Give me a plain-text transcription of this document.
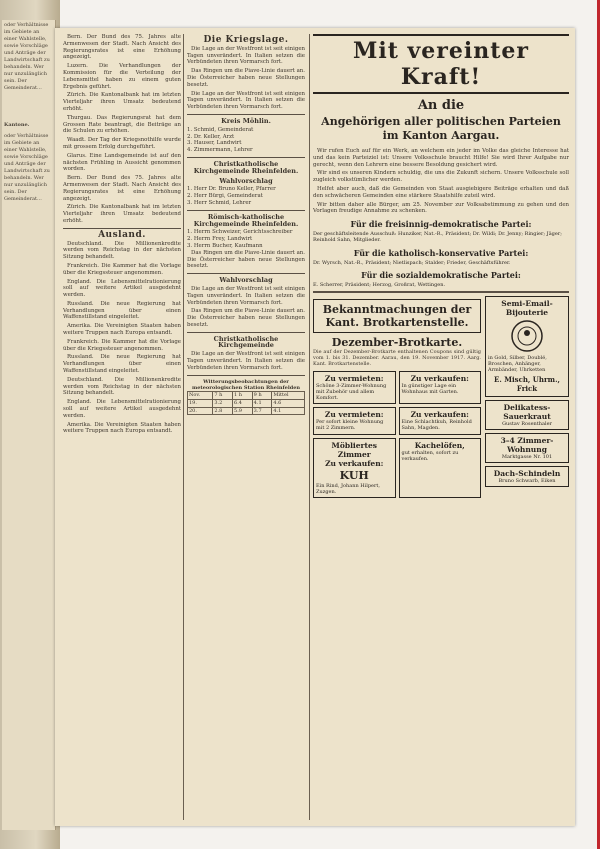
oder Verhältnisse im Gebiete an einer Wahlstelle, sowie Vorschläge und Anträge der Landwirtschaft zu behandeln. Wer nur unzulänglich sein. Der Gemeinderat...
Kantone.
oder Verhältnisse im Gebiete an einer Wahlstelle, sowie Vorschläge und Anträge der Landwirtschaft zu behandeln. Wer nur unzulänglich sein. Der Gemeinderat...

Bern. Der Bund des 75. Jahres alte Armenwesen der Stadt. Nach Ansicht des Regierungsrates ist eine Erhöhung angezeigt.

Luzern. Die Verhandlungen der Kommission für die Verteilung der Lebensmittel haben zu einem guten Ergebnis geführt.

Zürich. Die Kantonalbank hat im letzten Vierteljahr ihren Umsatz bedeutend erhöht.

Thurgau. Das Regierungsrat hat dem Grossen Rate beantragt, die Beiträge an die Schulen zu erhöhen.

Waadt. Der Tag der Kriegsnothilfe wurde mit grossem Erfolg durchgeführt.

Glarus. Eine Landsgemeinde ist auf den nächsten Frühling in Aussicht genommen worden.

Bern. Der Bund des 75. Jahres alte Armenwesen der Stadt. Nach Ansicht des Regierungsrates ist eine Erhöhung angezeigt.

Zürich. Die Kantonalbank hat im letzten Vierteljahr ihren Umsatz bedeutend erhöht.

Ausland.

Deutschland. Die Millionenkredite werden vom Reichstag in der nächsten Sitzung behandelt.

Frankreich. Die Kammer hat die Vorlage über die Kriegssteuer angenommen.

England. Die Lebensmittelrationierung soll auf weitere Artikel ausgedehnt werden.

Russland. Die neue Regierung hat Verhandlungen über einen Waffenstillstand eingeleitet.

Amerika. Die Vereinigten Staaten haben weitere Truppen nach Europa entsandt.

Frankreich. Die Kammer hat die Vorlage über die Kriegssteuer angenommen.

Russland. Die neue Regierung hat Verhandlungen über einen Waffenstillstand eingeleitet.

Deutschland. Die Millionenkredite werden vom Reichstag in der nächsten Sitzung behandelt.

England. Die Lebensmittelrationierung soll auf weitere Artikel ausgedehnt werden.

Amerika. Die Vereinigten Staaten haben weitere Truppen nach Europa entsandt.

Die Kriegslage.

Die Lage an der Westfront ist seit einigen Tagen unverändert. In Italien setzen die Verbündeten ihren Vormarsch fort.

Das Ringen um die Piave-Linie dauert an. Die Österreicher haben neue Stellungen besetzt.

Die Lage an der Westfront ist seit einigen Tagen unverändert. In Italien setzen die Verbündeten ihren Vormarsch fort.

Kreis Möhlin.
1. Schmid, Gemeinderat
2. Dr. Keller, Arzt
3. Hauser, Landwirt
4. Zimmermann, Lehrer
Christkatholische Kirchgemeinde Rheinfelden.
Wahlvorschlag
1. Herr Dr. Bruno Keller, Pfarrer
2. Herr Bürgi, Gemeinderat
3. Herr Schmid, Lehrer
Römisch-katholische Kirchgemeinde Rheinfelden.
1. Herrn Schweizer, Gerichtsschreiber
2. Herrn Frey, Landwirt
3. Herrn Bucher, Kaufmann

Das Ringen um die Piave-Linie dauert an. Die Österreicher haben neue Stellungen besetzt.

Wahlvorschlag

Die Lage an der Westfront ist seit einigen Tagen unverändert. In Italien setzen die Verbündeten ihren Vormarsch fort.

Das Ringen um die Piave-Linie dauert an. Die Österreicher haben neue Stellungen besetzt.

Christkatholische Kirchgemeinde

Die Lage an der Westfront ist seit einigen Tagen unverändert. In Italien setzen die Verbündeten ihren Vormarsch fort.

Witterungsbeobachtungen der meteorologischen Station Rheinfelden
Nov.	7 h	1 h	9 h	Mittel
19.	3.2	6.4	4.1	4.6
20.	2.8	5.9	3.7	4.1
Mit vereinter Kraft!
An die
Angehörigen aller politischen Parteien im Kanton Aargau.

Wir rufen Euch auf für ein Werk, an welchem ein jeder im Volke das gleiche Interesse hat und das kein Parteiziel ist: Unsere Volksschule braucht Hilfe! Sie wird Ihrer Aufgabe nur gerecht, wenn den Lehrern eine bessere Besoldung gesichert wird.

Wir sind es unseren Kindern schuldig, die uns die Zukunft sichern. Unsere Volksschule soll zugleich volkstümlicher werden.

Helfet aber auch, daß die Gemeinden von Staat ausgiebigere Beiträge erhalten und daß den schwächeren Gemeinden eine stärkere Staatshilfe zuteil wird.

Wir bitten daher alle Bürger, am 25. November zur Volksabstimmung zu gehen und den Vorlagen freudige Annahme zu schenken.

Für die freisinnig-demokratische Partei:
Der geschäftsleitende Ausschuß: Hunziker, Nat.-R., Präsident; Dr. Wildi; Dr. Jenny; Ringier; Jäger; Reinhold Sahn, Mitglieder.
Für die katholisch-konservative Partei:
Dr. Wyrsch, Nat.-R., Präsident; Nietlispach; Stalder; Frieder, Geschäftsführer.
Für die sozialdemokratische Partei:
E. Scherrer, Präsident; Herzog, Großrat, Wettingen.
Bekanntmachungen der Kant. Brotkartenstelle.
Dezember-Brotkarte.
Die auf der Dezember-Brotkarte enthaltenen Coupons sind gültig vom 1. bis 31. Dezember. Aarau, den 19. November 1917. Aarg. Kant. Brotkartenstelle.
Zu vermieten:
Schöne 3-Zimmer-Wohnung mit Zubehör und allem Komfort.
Zu verkaufen:
In günstiger Lage ein Wohnhaus mit Garten.
Zu vermieten:
Per sofort kleine Wohnung mit 2 Zimmern.
Zu verkaufen:
Eine Schlachtkuh, Reinhold Sahn, Magden.
Möbliertes Zimmer
Zu verkaufen:
KUH
Ein Rind, Johann Hilpert, Zuzgen.
Kachelöfen,
gut erhalten, sofort zu verkaufen.
Semi-Email-Bijouterie
in Gold, Silber, Doublé, Broschen, Anhänger, Armbänder, Uhrketten
E. Misch, Uhrm., Frick
Delikatess-Sauerkraut
Gustav Rosenthaler
3–4 Zimmer-Wohnung
Marktgasse Nr. 101
Dach-Schindeln
Bruno Schwarb, Eiken
